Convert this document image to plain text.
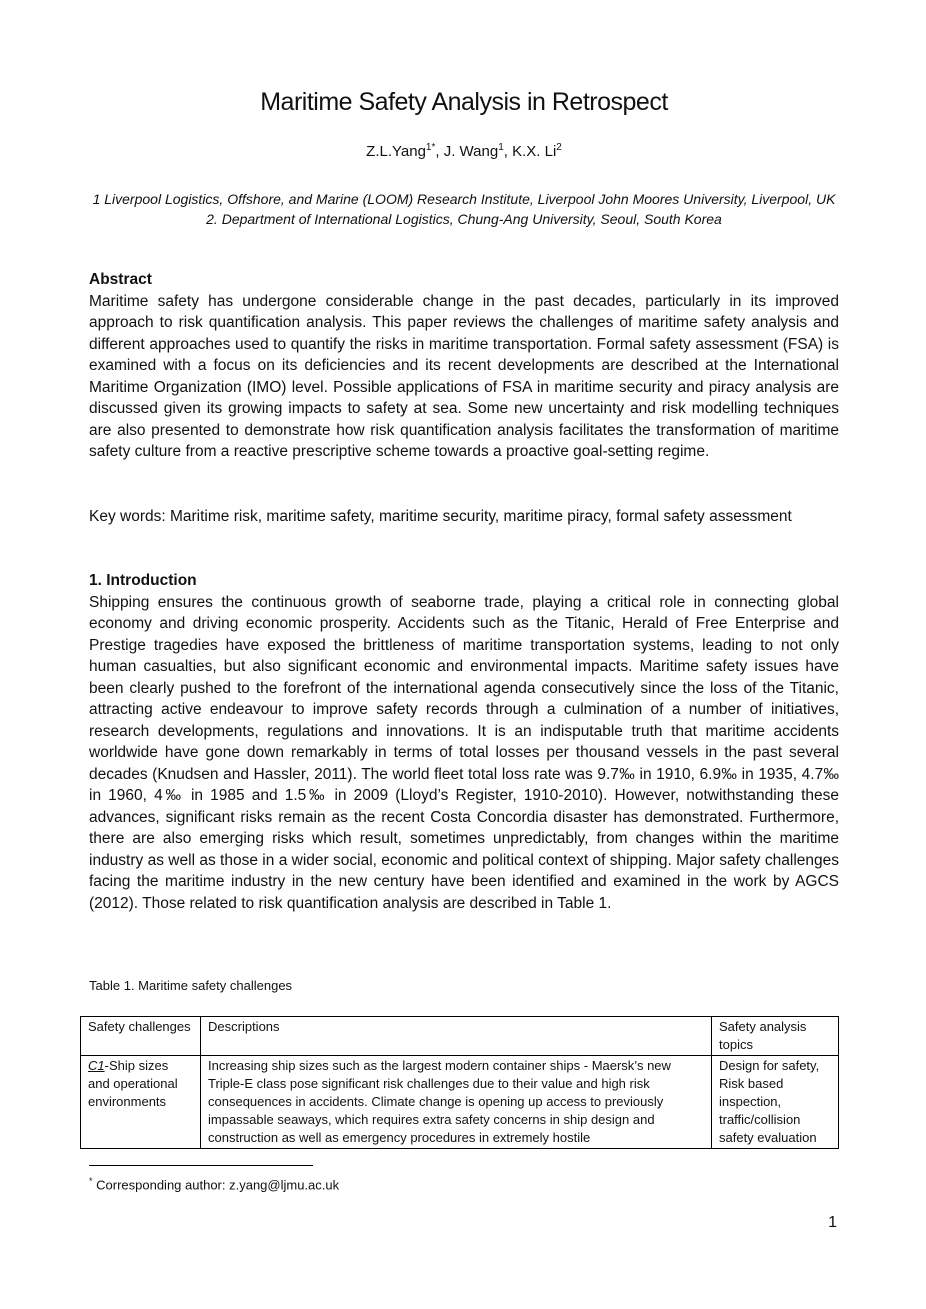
Maritime Safety Analysis in Retrospect
Z.L.Yang$^{1*}$, J. Wang$^1$, K.X. Li$^2$
1 Liverpool Logistics, Offshore, and Marine (LOOM) Research Institute, Liverpool John Moores University, Liverpool, UK
2. Department of International Logistics, Chung-Ang University, Seoul, South Korea
Abstract
Maritime safety has undergone considerable change in the past decades, particularly in its improved approach to risk quantification analysis. This paper reviews the challenges of maritime safety analysis and different approaches used to quantify the risks in maritime transportation. Formal safety assessment (FSA) is examined with a focus on its deficiencies and its recent developments are described at the International Maritime Organization (IMO) level. Possible applications of FSA in maritime security and piracy analysis are discussed given its growing impacts to safety at sea. Some new uncertainty and risk modelling techniques are also presented to demonstrate how risk quantification analysis facilitates the transformation of maritime safety culture from a reactive prescriptive scheme towards a proactive goal-setting regime.
Key words: Maritime risk, maritime safety, maritime security, maritime piracy, formal safety assessment
1. Introduction
Shipping ensures the continuous growth of seaborne trade, playing a critical role in connecting global economy and driving economic prosperity. Accidents such as the Titanic, Herald of Free Enterprise and Prestige tragedies have exposed the brittleness of maritime transportation systems, leading to not only human casualties, but also significant economic and environmental impacts. Maritime safety issues have been clearly pushed to the forefront of the international agenda consecutively since the loss of the Titanic, attracting active endeavour to improve safety records through a culmination of a number of initiatives, research developments, regulations and innovations. It is an indisputable truth that maritime accidents worldwide have gone down remarkably in terms of total losses per thousand vessels in the past several decades (Knudsen and Hassler, 2011). The world fleet total loss rate was 9.7‰ in 1910, 6.9‰ in 1935, 4.7‰ in 1960, 4‰ in 1985 and 1.5‰ in 2009 (Lloyd’s Register, 1910-2010). However, notwithstanding these advances, significant risks remain as the recent Costa Concordia disaster has demonstrated. Furthermore, there are also emerging risks which result, sometimes unpredictably, from changes within the maritime industry as well as those in a wider social, economic and political context of shipping. Major safety challenges facing the maritime industry in the new century have been identified and examined in the work by AGCS (2012). Those related to risk quantification analysis are described in Table 1.
Table 1. Maritime safety challenges
Safety challenges	Descriptions	Safety analysis topics
C1-Ship sizes and operational environments	Increasing ship sizes such as the largest modern container ships - Maersk’s new Triple-E class pose significant risk challenges due to their value and high risk consequences in accidents. Climate change is opening up access to previously impassable seaways, which requires extra safety concerns in ship design and construction as well as emergency procedures in extremely hostile	Design for safety, Risk based inspection, traffic/collision safety evaluation
* Corresponding author: z.yang@ljmu.ac.uk
1
